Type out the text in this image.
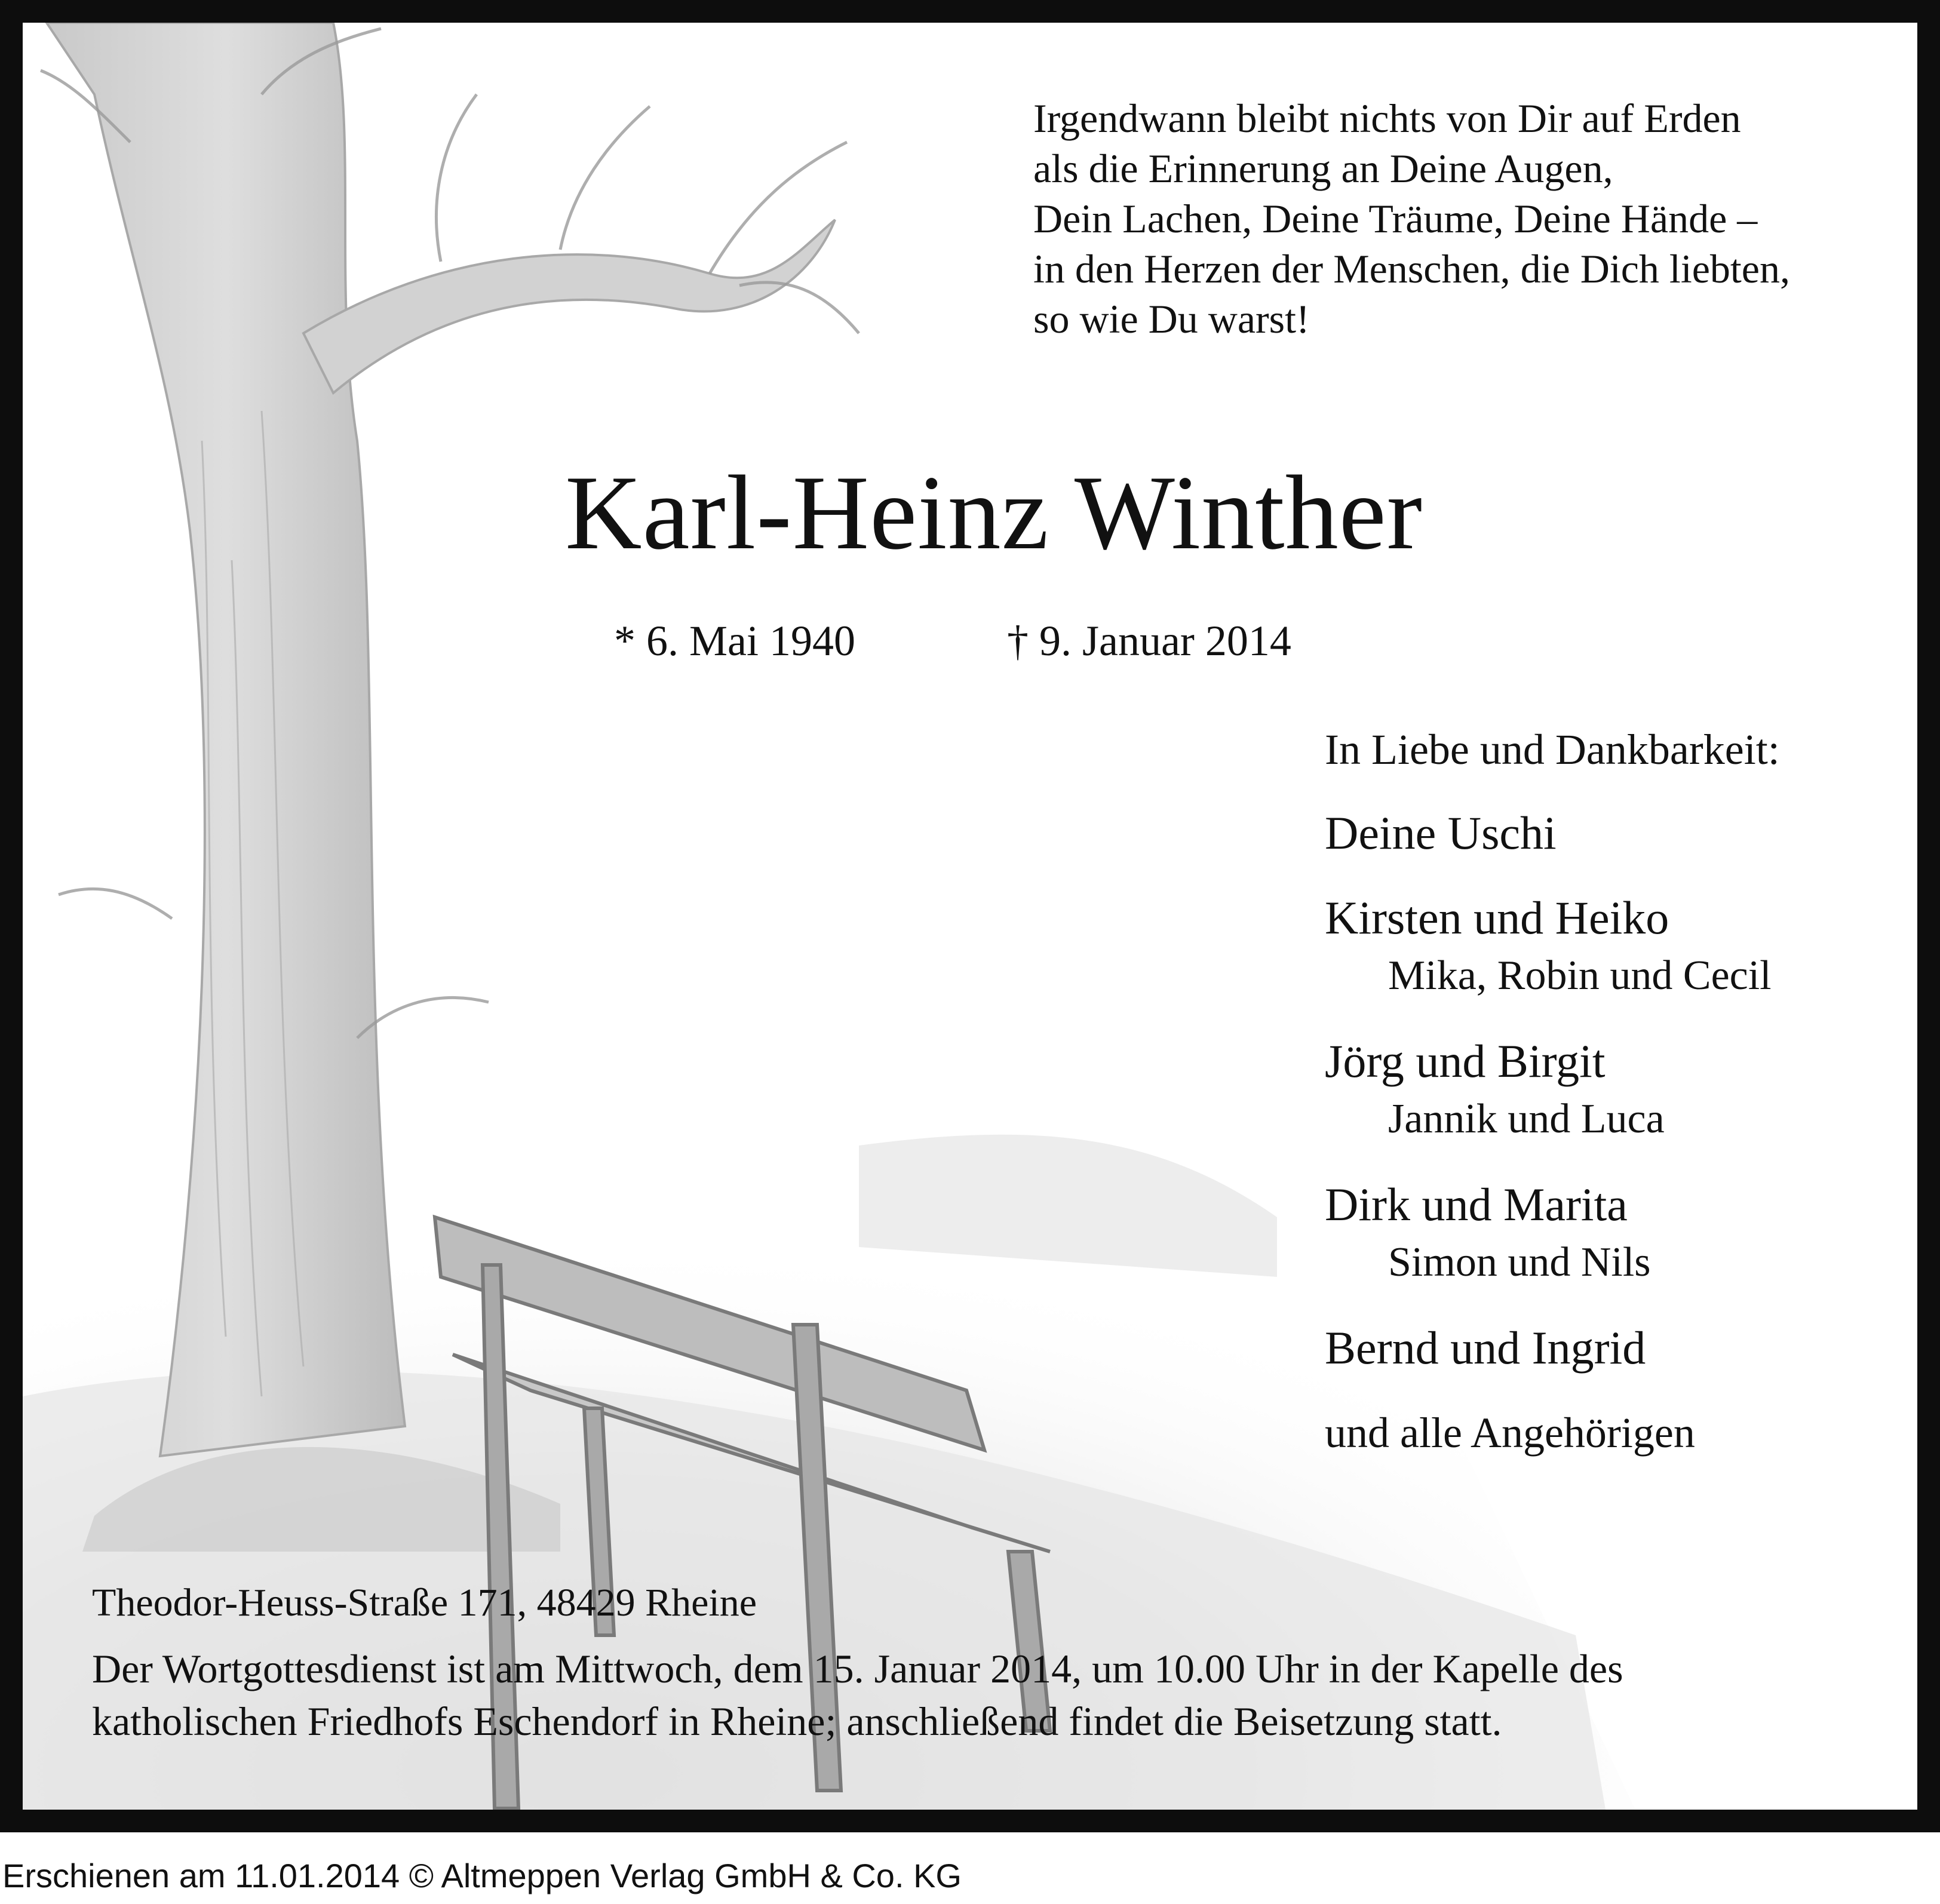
Irgendwann bleibt nichts von Dir auf Erden
als die Erinnerung an Deine Augen,
Dein Lachen, Deine Träume, Deine Hände –
in den Herzen der Menschen, die Dich liebten,
so wie Du warst!
Karl-Heinz Winther
* 6. Mai 1940	† 9. Januar 2014
In Liebe und Dankbarkeit:
Deine Uschi
Kirsten und Heiko
Mika, Robin und Cecil
Jörg und Birgit
Jannik und Luca
Dirk und Marita
Simon und Nils
Bernd und Ingrid
und alle Angehörigen
Theodor-Heuss-Straße 171, 48429 Rheine
Der Wortgottesdienst ist am Mittwoch, dem 15. Januar 2014, um 10.00 Uhr in der Kapelle des
katholischen Friedhofs Eschendorf in Rheine; anschließend findet die Beisetzung statt.
Erschienen am 11.01.2014 © Altmeppen Verlag GmbH & Co. KG
